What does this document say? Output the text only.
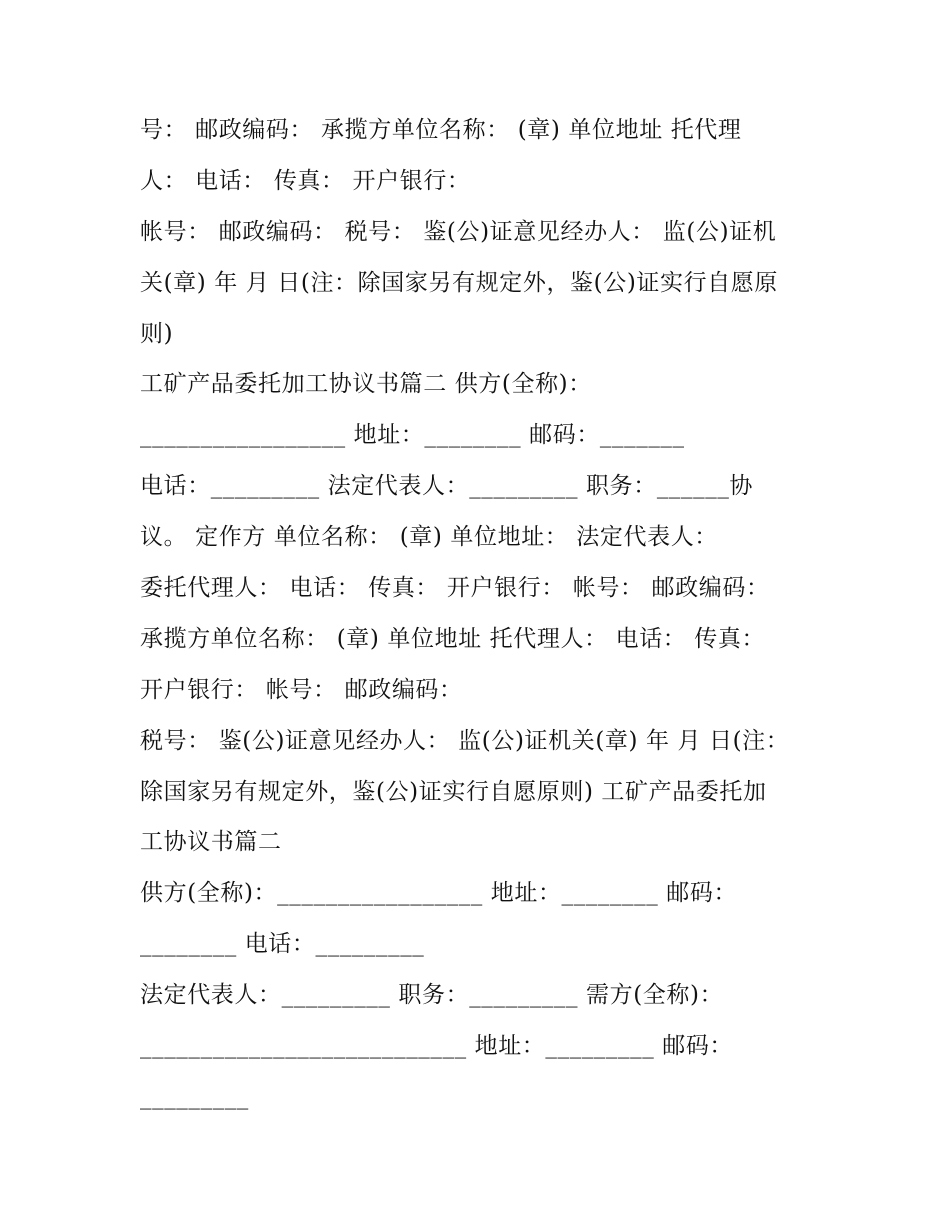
号： 邮政编码： 承揽方单位名称： (章) 单位地址 托代理
人： 电话： 传真： 开户银行：
帐号： 邮政编码： 税号： 鉴(公)证意见经办人： 监(公)证机
关(章) 年 月 日(注：除国家另有规定外，鉴(公)证实行自愿原
则)
工矿产品委托加工协议书篇二 供方(全称)：
_________________ 地址：________ 邮码：_______
电话：_________ 法定代表人：_________ 职务：______协
议。 定作方 单位名称： (章) 单位地址： 法定代表人：
委托代理人： 电话： 传真： 开户银行： 帐号： 邮政编码：
承揽方单位名称： (章) 单位地址 托代理人： 电话： 传真：
开户银行： 帐号： 邮政编码：
税号： 鉴(公)证意见经办人： 监(公)证机关(章) 年 月 日(注：
除国家另有规定外，鉴(公)证实行自愿原则) 工矿产品委托加
工协议书篇二
供方(全称)：_________________ 地址：________ 邮码：
________ 电话：_________
法定代表人：_________ 职务：_________ 需方(全称)：
___________________________ 地址：_________ 邮码：
_________
